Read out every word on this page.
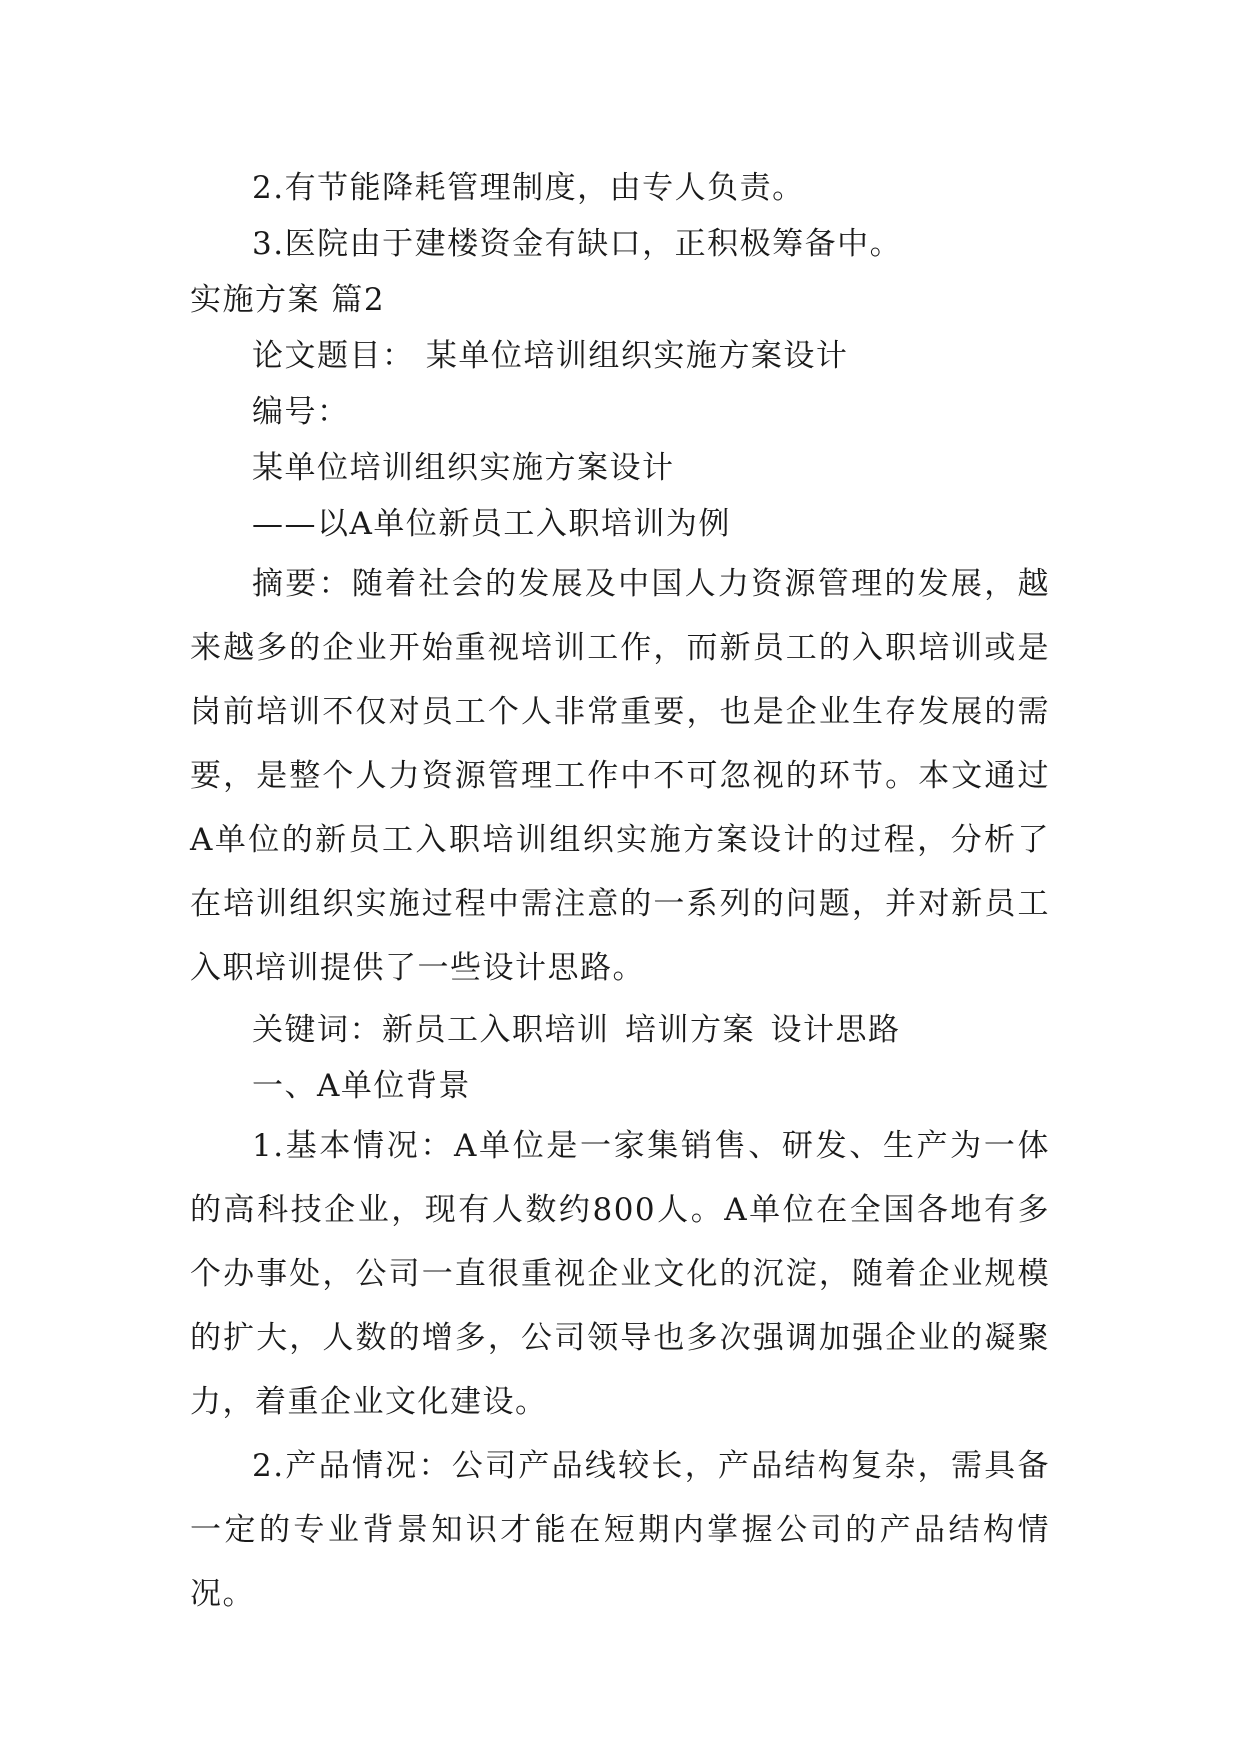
2.有节能降耗管理制度，由专人负责。

3.医院由于建楼资金有缺口，正积极筹备中。

实施方案 篇2

论文题目： 某单位培训组织实施方案设计

编号：

某单位培训组织实施方案设计

——以A单位新员工入职培训为例

摘要：随着社会的发展及中国人力资源管理的发展，越来越多的企业开始重视培训工作，而新员工的入职培训或是岗前培训不仅对员工个人非常重要，也是企业生存发展的需要，是整个人力资源管理工作中不可忽视的环节。本文通过A单位的新员工入职培训组织实施方案设计的过程，分析了在培训组织实施过程中需注意的一系列的问题，并对新员工入职培训提供了一些设计思路。

关键词：新员工入职培训 培训方案 设计思路

一、A单位背景

1.基本情况：A单位是一家集销售、研发、生产为一体的高科技企业，现有人数约800人。A单位在全国各地有多个办事处，公司一直很重视企业文化的沉淀，随着企业规模的扩大，人数的增多，公司领导也多次强调加强企业的凝聚力，着重企业文化建设。

2.产品情况：公司产品线较长，产品结构复杂，需具备一定的专业背景知识才能在短期内掌握公司的产品结构情况。
